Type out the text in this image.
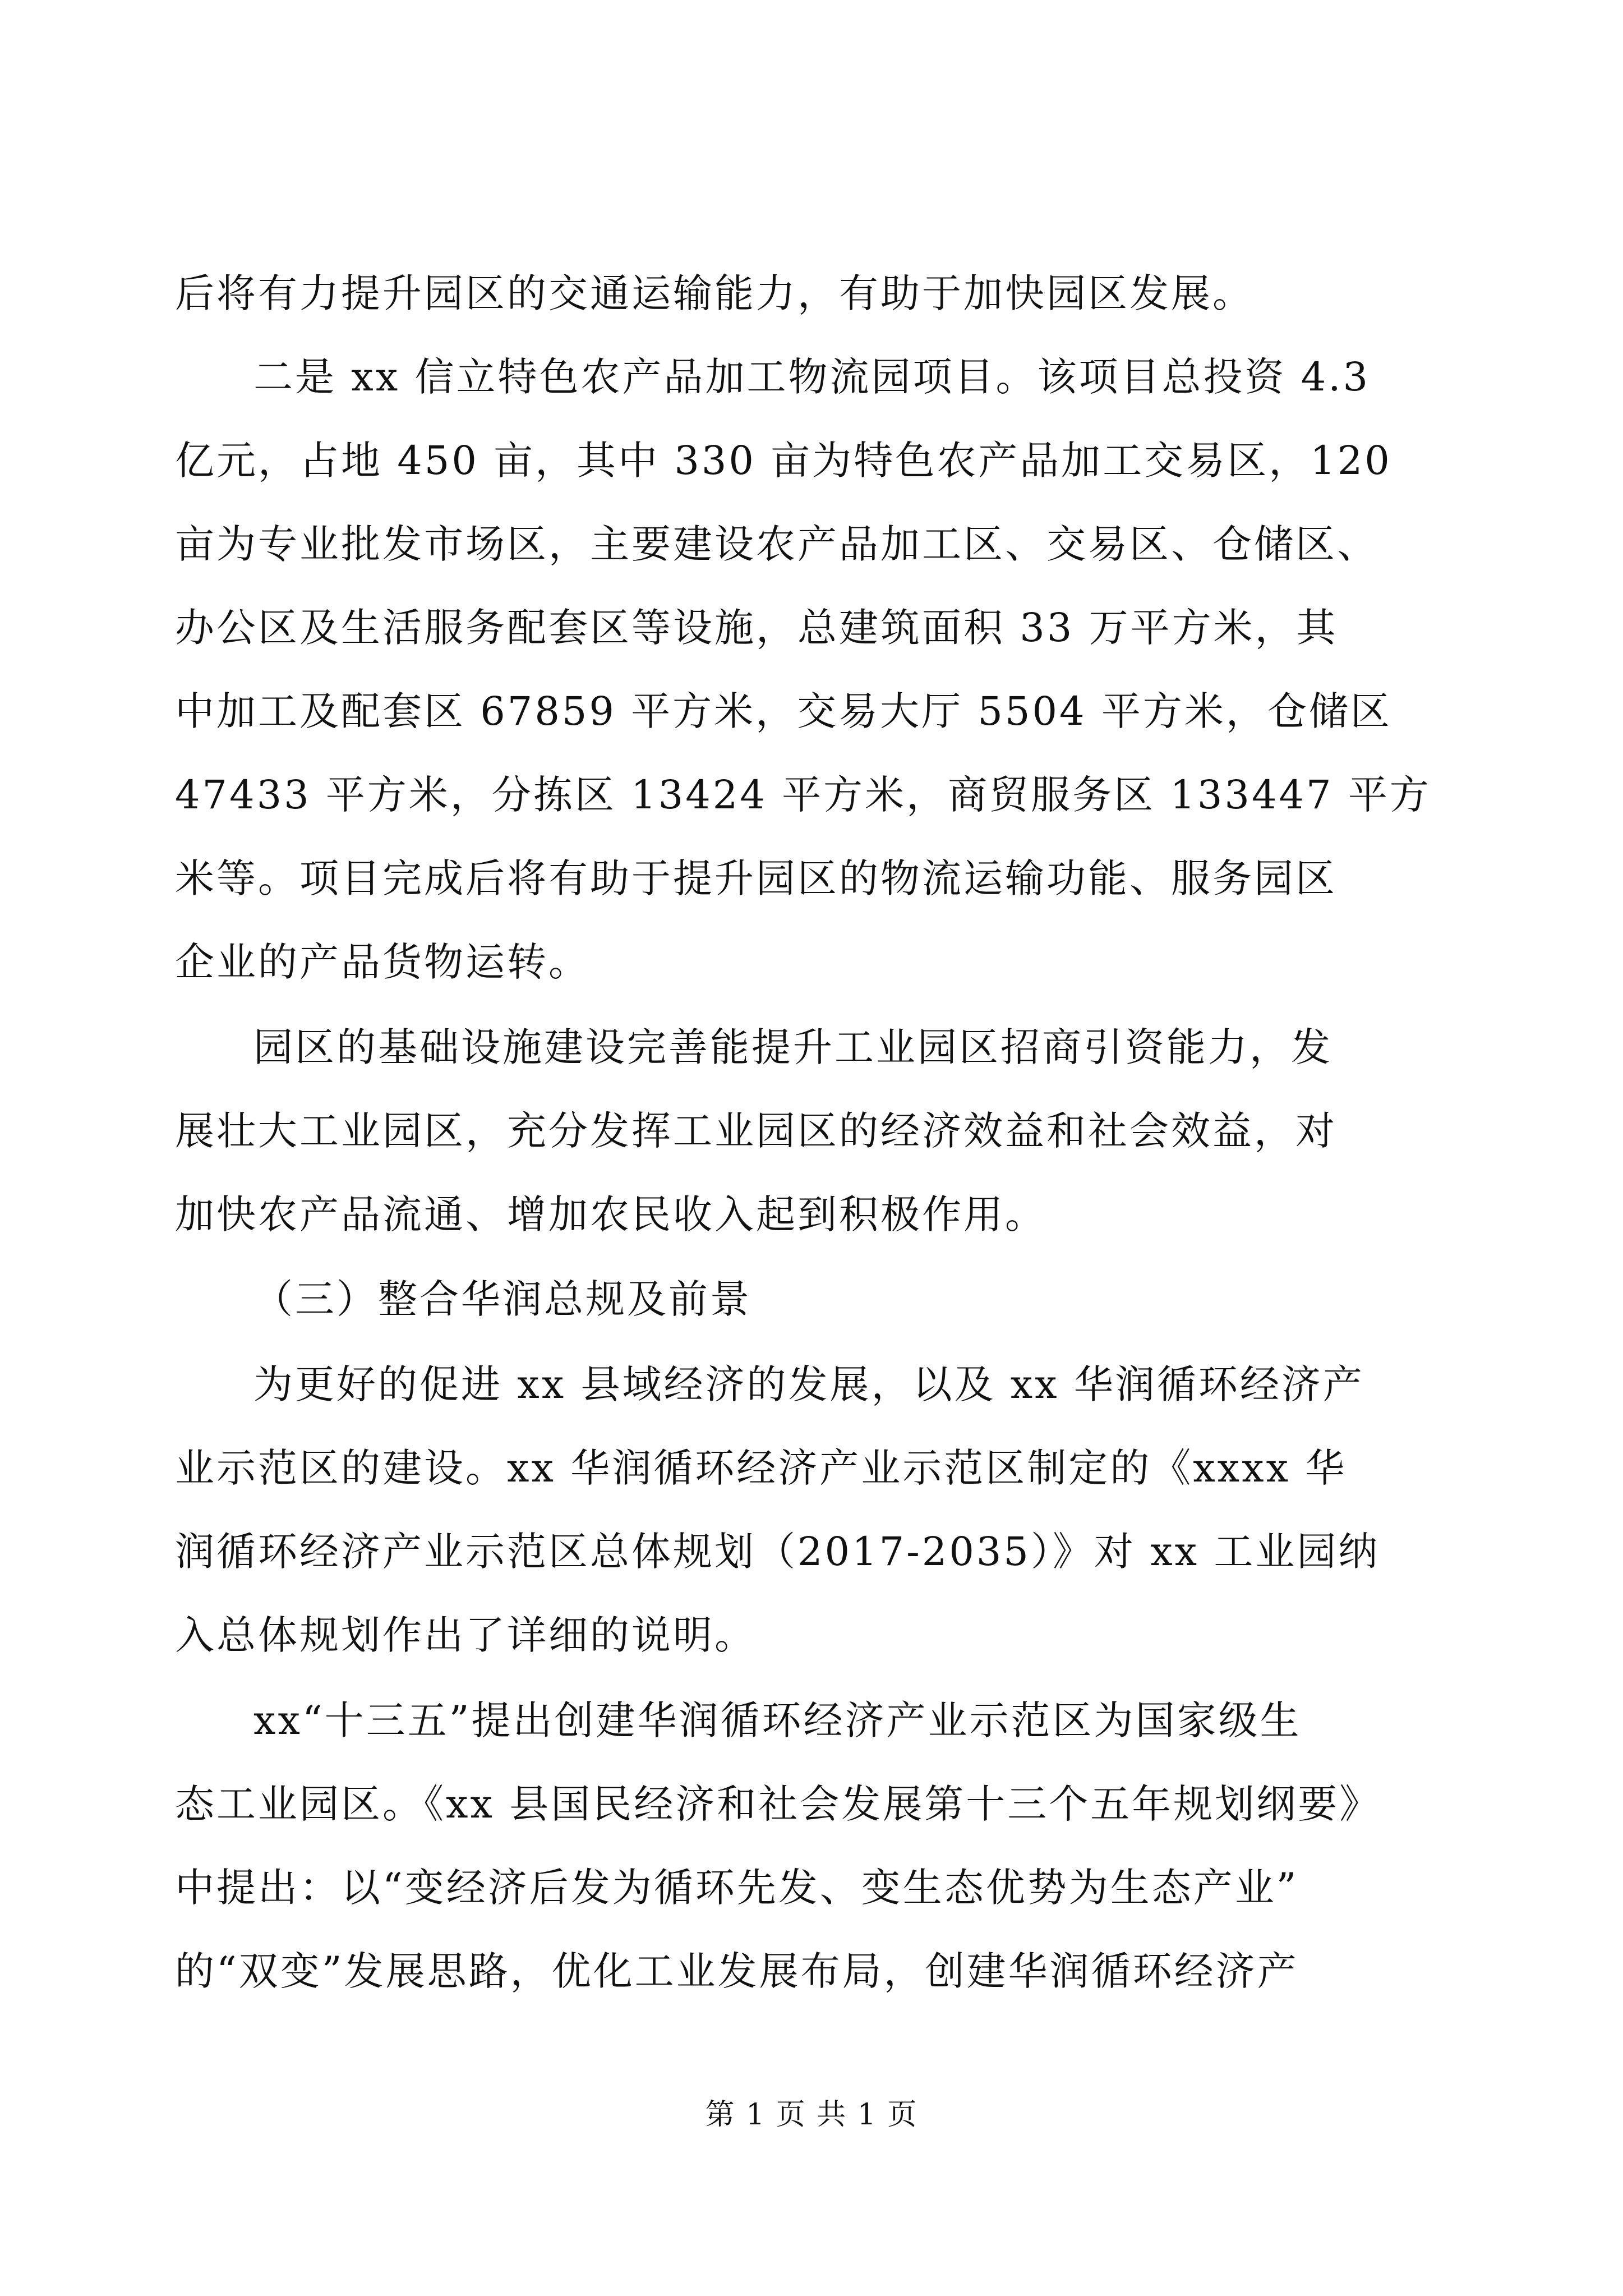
后将有力提升园区的交通运输能力，有助于加快园区发展。
二是 xx 信立特色农产品加工物流园项目。该项目总投资 4.3
亿元，占地 450 亩，其中 330 亩为特色农产品加工交易区，120
亩为专业批发市场区，主要建设农产品加工区、交易区、仓储区、
办公区及生活服务配套区等设施，总建筑面积 33 万平方米，其
中加工及配套区 67859 平方米，交易大厅 5504 平方米，仓储区
47433 平方米，分拣区 13424 平方米，商贸服务区 133447 平方
米等。项目完成后将有助于提升园区的物流运输功能、服务园区
企业的产品货物运转。
园区的基础设施建设完善能提升工业园区招商引资能力，发
展壮大工业园区，充分发挥工业园区的经济效益和社会效益，对
加快农产品流通、增加农民收入起到积极作用。
（三）整合华润总规及前景
为更好的促进 xx 县域经济的发展，以及 xx 华润循环经济产
业示范区的建设。xx 华润循环经济产业示范区制定的《xxxx 华
润循环经济产业示范区总体规划（2017-2035）》对 xx 工业园纳
入总体规划作出了详细的说明。
xx“十三五”提出创建华润循环经济产业示范区为国家级生
态工业园区。《xx 县国民经济和社会发展第十三个五年规划纲要》
中提出：以“变经济后发为循环先发、变生态优势为生态产业”
的“双变”发展思路，优化工业发展布局，创建华润循环经济产
第 1 页 共 1 页
